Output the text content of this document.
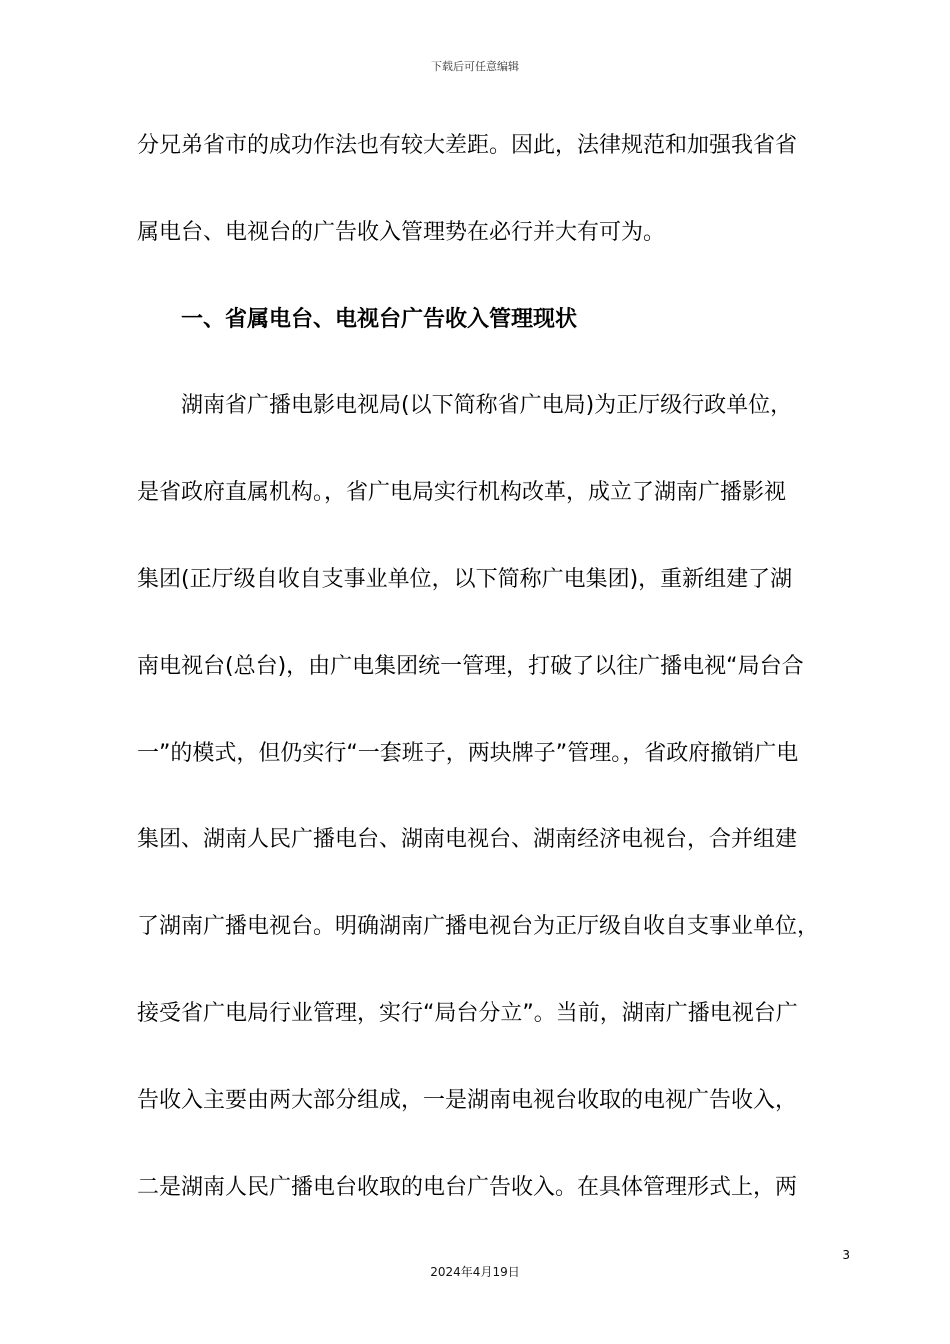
下载后可任意编辑
分兄弟省市的成功作法也有较大差距。因此，法律规范和加强我省省
属电台、电视台的广告收入管理势在必行并大有可为。
一、省属电台、电视台广告收入管理现状
湖南省广播电影电视局(以下简称省广电局)为正厅级行政单位，
是省政府直属机构。，省广电局实行机构改革，成立了湖南广播影视
集团(正厅级自收自支事业单位，以下简称广电集团)，重新组建了湖
南电视台(总台)，由广电集团统一管理，打破了以往广播电视“局台合
一”的模式，但仍实行“一套班子，两块牌子”管理。，省政府撤销广电
集团、湖南人民广播电台、湖南电视台、湖南经济电视台，合并组建
了湖南广播电视台。明确湖南广播电视台为正厅级自收自支事业单位，
接受省广电局行业管理，实行“局台分立”。当前，湖南广播电视台广
告收入主要由两大部分组成，一是湖南电视台收取的电视广告收入，
二是湖南人民广播电台收取的电台广告收入。在具体管理形式上，两
3
2024年4月19日
